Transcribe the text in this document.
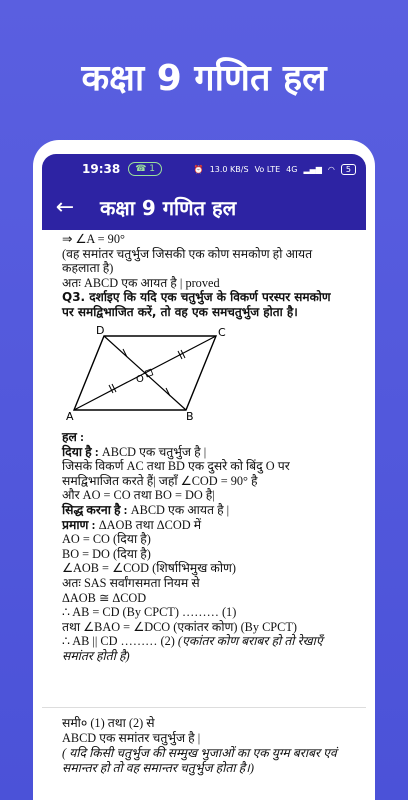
कक्षा 9 गणित हल
19:38	☎ 1	⏰ 13.0 KB/S Vo LTE 4G ▂▄▆ ◠	5
←	कक्षा 9 गणित हल
⇒ ∠A = 90°
(वह समांतर चतुर्भुज जिसकी एक कोण समकोण हो आयत कहलाता है)
अतः ABCD एक आयत है | proved
Q3. दर्शाइए कि यदि एक चतुर्भुज के विकर्ण परस्पर समकोण पर समद्विभाजित करें, तो वह एक समचतुर्भुज होता है।
D	C
A	B
O
हल :
दिया है : ABCD एक चतुर्भुज है |
जिसके विकर्ण AC तथा BD एक दुसरे को बिंदु O पर समद्विभाजित करते हैं| जहाँ ∠COD = 90° है
और AO = CO तथा BO = DO है|
सिद्ध करना है : ABCD एक आयत है |
प्रमाण : ΔAOB तथा ΔCOD में
AO = CO (दिया है)
BO = DO (दिया है)
∠AOB = ∠COD (शिर्षाभिमुख कोण)
अतः SAS सर्वांगसमता नियम से
ΔAOB ≅ ΔCOD
∴ AB = CD (By CPCT) ……… (1)
तथा ∠BAO = ∠DCO (एकांतर कोण) (By CPCT)
∴ AB || CD ……… (2) (एकांतर कोण बराबर हो तो रेखाएँ समांतर होती है)
समी० (1) तथा (2) से
ABCD एक समांतर चतुर्भुज है |
( यदि किसी चतुर्भुज की सम्मुख भुजाओं का एक युग्म बराबर एवं समान्तर हो तो वह समान्तर चतुर्भुज होता है।)
